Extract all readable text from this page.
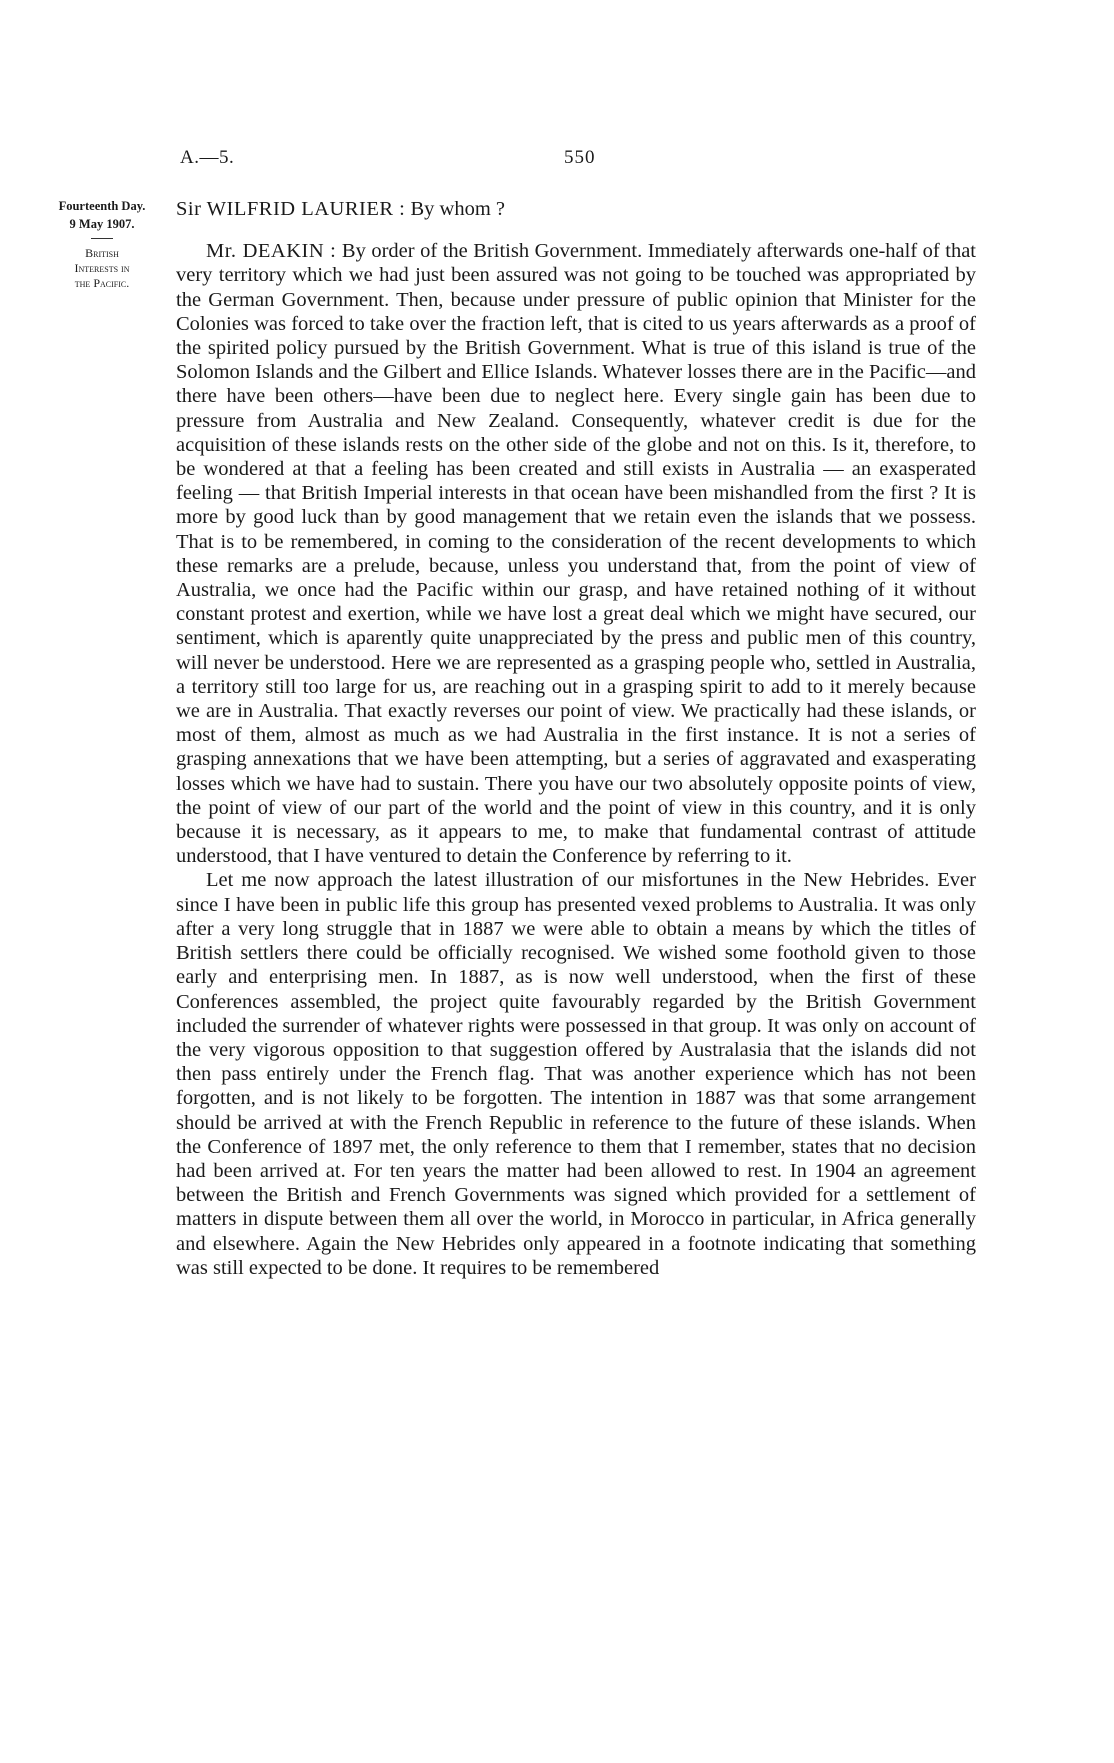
A.—5.	550
Fourteenth Day.
9 May 1907.
British
Interests in
the Pacific.

Sir WILFRID LAURIER : By whom ?

Mr. DEAKIN : By order of the British Government. Immediately afterwards one-half of that very territory which we had just been assured was not going to be touched was appropriated by the German Government. Then, because under pressure of public opinion that Minister for the Colonies was forced to take over the fraction left, that is cited to us years afterwards as a proof of the spirited policy pursued by the British Government. What is true of this island is true of the Solomon Islands and the Gilbert and Ellice Islands. Whatever losses there are in the Pacific—and there have been others—have been due to neglect here. Every single gain has been due to pressure from Australia and New Zealand. Consequently, whatever credit is due for the acquisition of these islands rests on the other side of the globe and not on this. Is it, therefore, to be wondered at that a feeling has been created and still exists in Australia — an exasperated feeling — that British Imperial interests in that ocean have been mishandled from the first ? It is more by good luck than by good management that we retain even the islands that we possess. That is to be remembered, in coming to the consideration of the recent developments to which these remarks are a prelude, because, unless you understand that, from the point of view of Australia, we once had the Pacific within our grasp, and have retained nothing of it without constant protest and exertion, while we have lost a great deal which we might have secured, our sentiment, which is aparently quite unappreciated by the press and public men of this country, will never be understood. Here we are represented as a grasping people who, settled in Australia, a territory still too large for us, are reaching out in a grasping spirit to add to it merely because we are in Australia. That exactly reverses our point of view. We practically had these islands, or most of them, almost as much as we had Australia in the first instance. It is not a series of grasping annexations that we have been attempting, but a series of aggravated and exasperating losses which we have had to sustain. There you have our two absolutely opposite points of view, the point of view of our part of the world and the point of view in this country, and it is only because it is necessary, as it appears to me, to make that fundamental contrast of attitude understood, that I have ventured to detain the Conference by referring to it.

Let me now approach the latest illustration of our misfortunes in the New Hebrides. Ever since I have been in public life this group has presented vexed problems to Australia. It was only after a very long struggle that in 1887 we were able to obtain a means by which the titles of British settlers there could be officially recognised. We wished some foothold given to those early and enterprising men. In 1887, as is now well understood, when the first of these Conferences assembled, the project quite favourably regarded by the British Government included the surrender of whatever rights were possessed in that group. It was only on account of the very vigorous opposition to that suggestion offered by Australasia that the islands did not then pass entirely under the French flag. That was another experience which has not been forgotten, and is not likely to be forgotten. The intention in 1887 was that some arrangement should be arrived at with the French Republic in reference to the future of these islands. When the Conference of 1897 met, the only reference to them that I remember, states that no decision had been arrived at. For ten years the matter had been allowed to rest. In 1904 an agreement between the British and French Governments was signed which provided for a settlement of matters in dispute between them all over the world, in Morocco in particular, in Africa generally and elsewhere. Again the New Hebrides only appeared in a footnote indicating that something was still expected to be done. It requires to be remembered
